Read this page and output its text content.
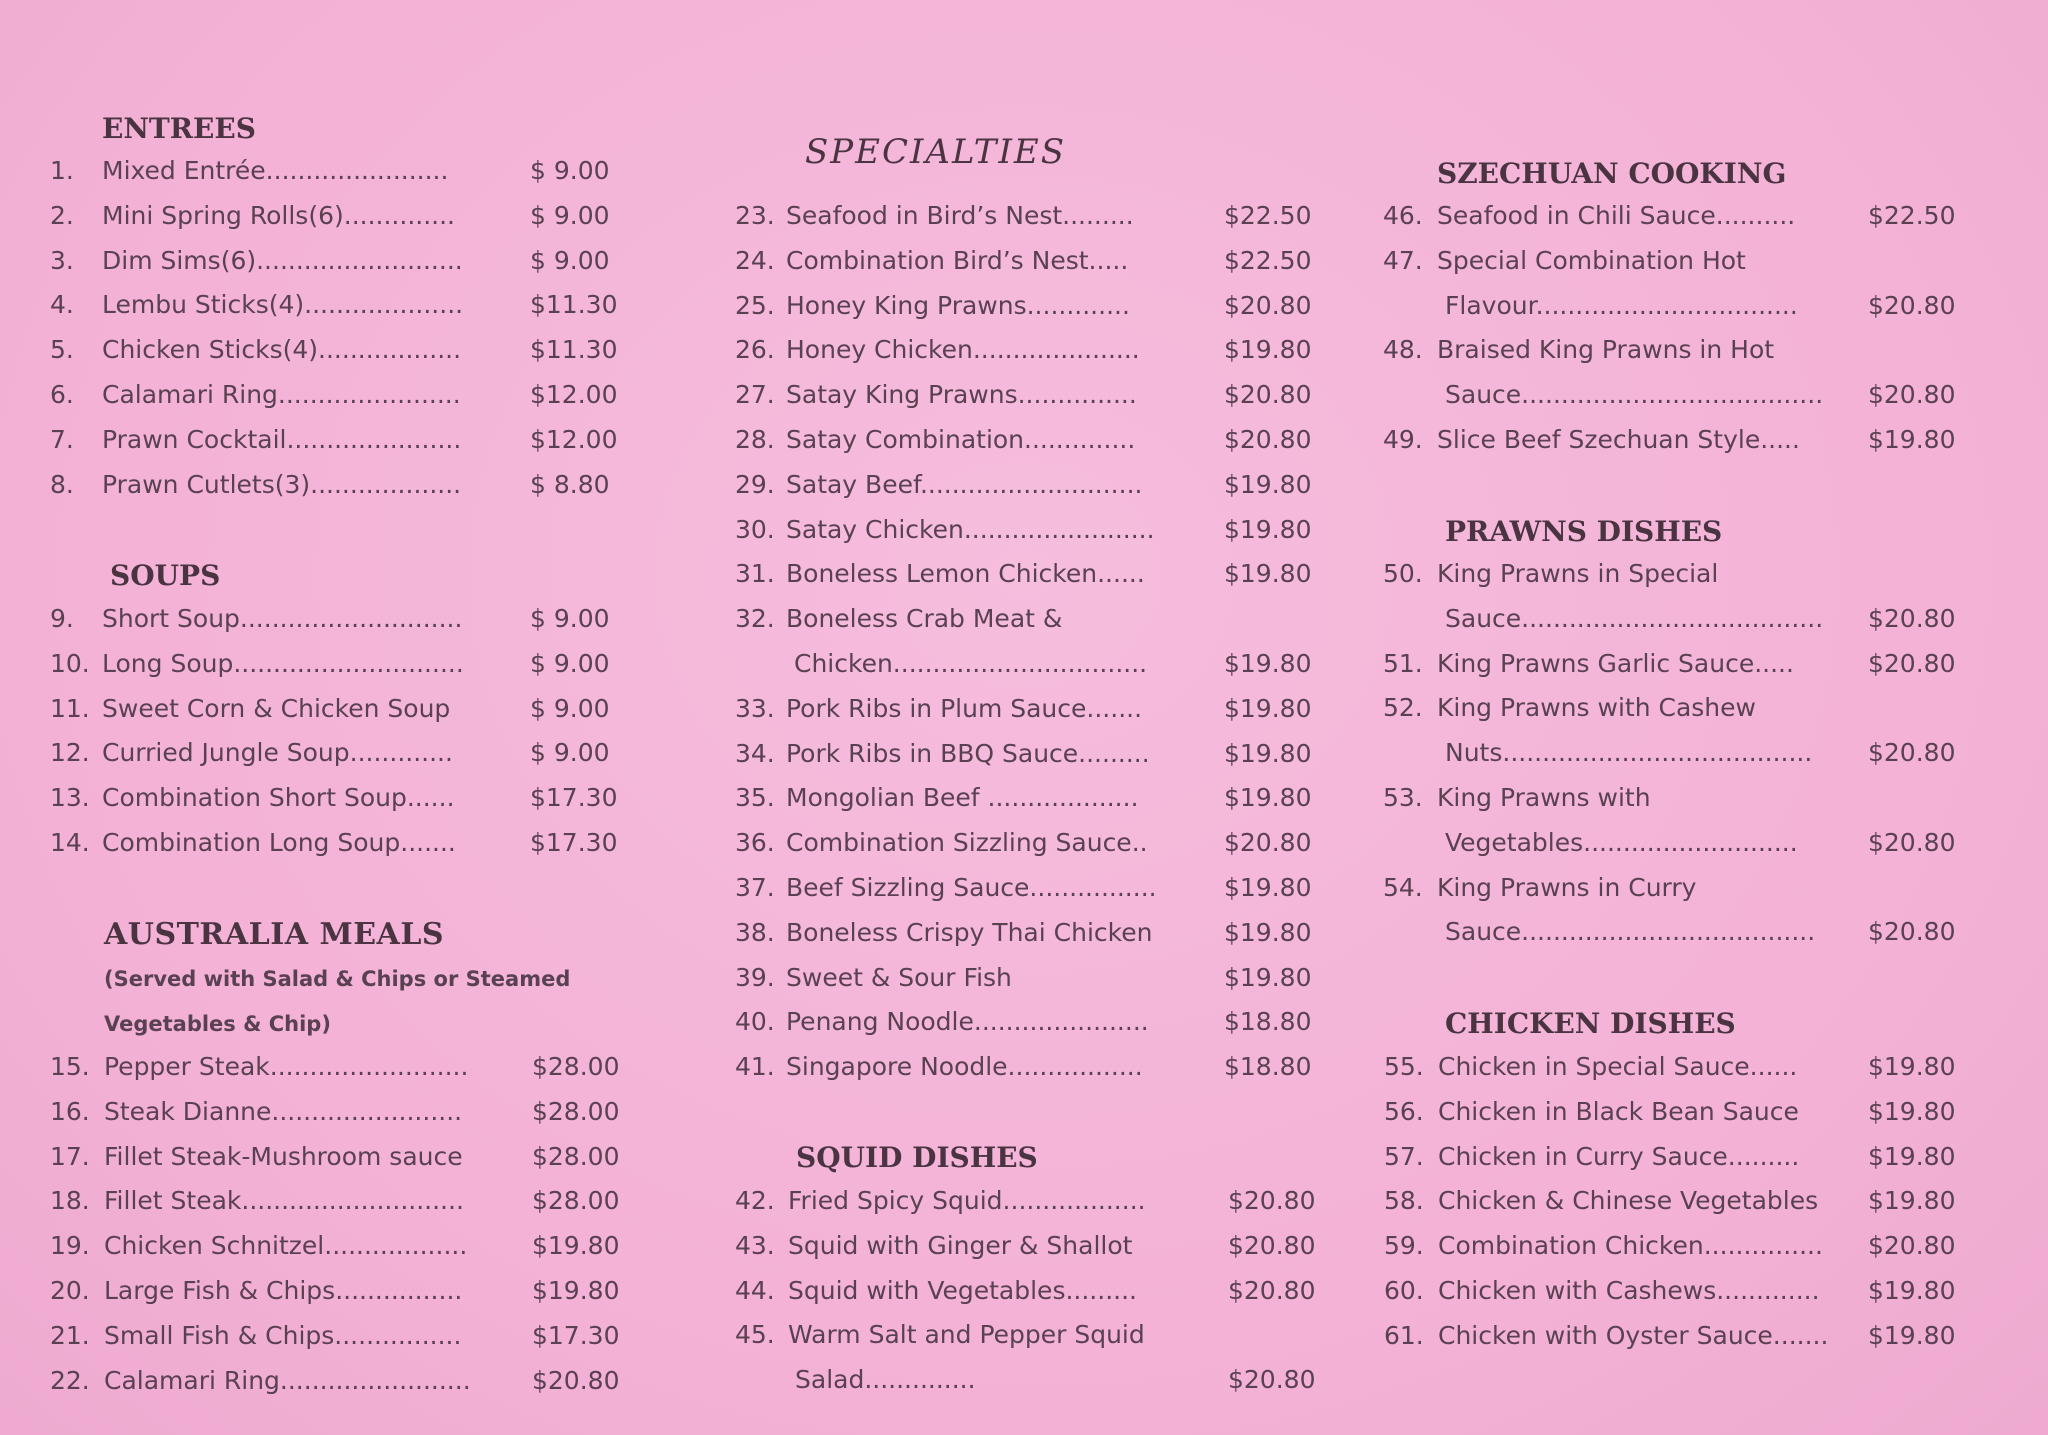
ENTREES
SOUPS
AUSTRALIA MEALS
(Served with Salad & Chips or Steamed
Vegetables & Chip)
SPECIALTIES
SQUID DISHES
SZECHUAN COOKING
PRAWNS DISHES
CHICKEN DISHES
1. Mixed Entrée.......................	$ 9.00
2. Mini Spring Rolls(6)..............	$ 9.00
3. Dim Sims(6)..........................	$ 9.00
4. Lembu Sticks(4)....................	$11.30
5. Chicken Sticks(4)..................	$11.30
6. Calamari Ring.......................	$12.00
7. Prawn Cocktail......................	$12.00
8. Prawn Cutlets(3)...................	$ 8.80
9. Short Soup............................	$ 9.00
10. Long Soup.............................	$ 9.00
11. Sweet Corn & Chicken Soup	$ 9.00
12. Curried Jungle Soup.............	$ 9.00
13. Combination Short Soup......	$17.30
14. Combination Long Soup.......	$17.30
15. Pepper Steak.........................	$28.00
16. Steak Dianne........................	$28.00
17. Fillet Steak-Mushroom sauce	$28.00
18. Fillet Steak............................	$28.00
19. Chicken Schnitzel..................	$19.80
20. Large Fish & Chips................	$19.80
21. Small Fish & Chips................	$17.30
22. Calamari Ring........................ $20.80
23. Seafood in Bird’s Nest.........	$22.50
24. Combination Bird’s Nest.....	$22.50
25. Honey King Prawns.............	$20.80
26. Honey Chicken.....................	$19.80
27. Satay King Prawns...............	$20.80
28. Satay Combination..............	$20.80
29. Satay Beef............................	$19.80
30. Satay Chicken........................	$19.80
31. Boneless Lemon Chicken......	$19.80
32. Boneless Crab Meat &
Chicken................................	$19.80
33. Pork Ribs in Plum Sauce.......	$19.80
34. Pork Ribs in BBQ Sauce.........	$19.80
35. Mongolian Beef ...................	$19.80
36. Combination Sizzling Sauce..	$20.80
37. Beef Sizzling Sauce................	$19.80
38. Boneless Crispy Thai Chicken	$19.80
39. Sweet & Sour Fish	$19.80
40. Penang Noodle......................	$18.80
41. Singapore Noodle.................	$18.80
42. Fried Spicy Squid..................	$20.80
43. Squid with Ginger & Shallot	$20.80
44. Squid with Vegetables.........	$20.80
45. Warm Salt and Pepper Squid
Salad..............	$20.80
46. Seafood in Chili Sauce..........	$22.50
47. Special Combination Hot
Flavour.................................	$20.80
48. Braised King Prawns in Hot
Sauce...................................... $20.80
49. Slice Beef Szechuan Style.....	$19.80
50. King Prawns in Special
Sauce...................................... $20.80
51. King Prawns Garlic Sauce.....	$20.80
52. King Prawns with Cashew
Nuts....................................... $20.80
53. King Prawns with
Vegetables...........................	$20.80
54. King Prawns in Curry
Sauce..................................... $20.80
55. Chicken in Special Sauce......	$19.80
56. Chicken in Black Bean Sauce	$19.80
57. Chicken in Curry Sauce.........	$19.80
58. Chicken & Chinese Vegetables $19.80
59. Combination Chicken............... $20.80
60. Chicken with Cashews............. $19.80
61. Chicken with Oyster Sauce....... $19.80
